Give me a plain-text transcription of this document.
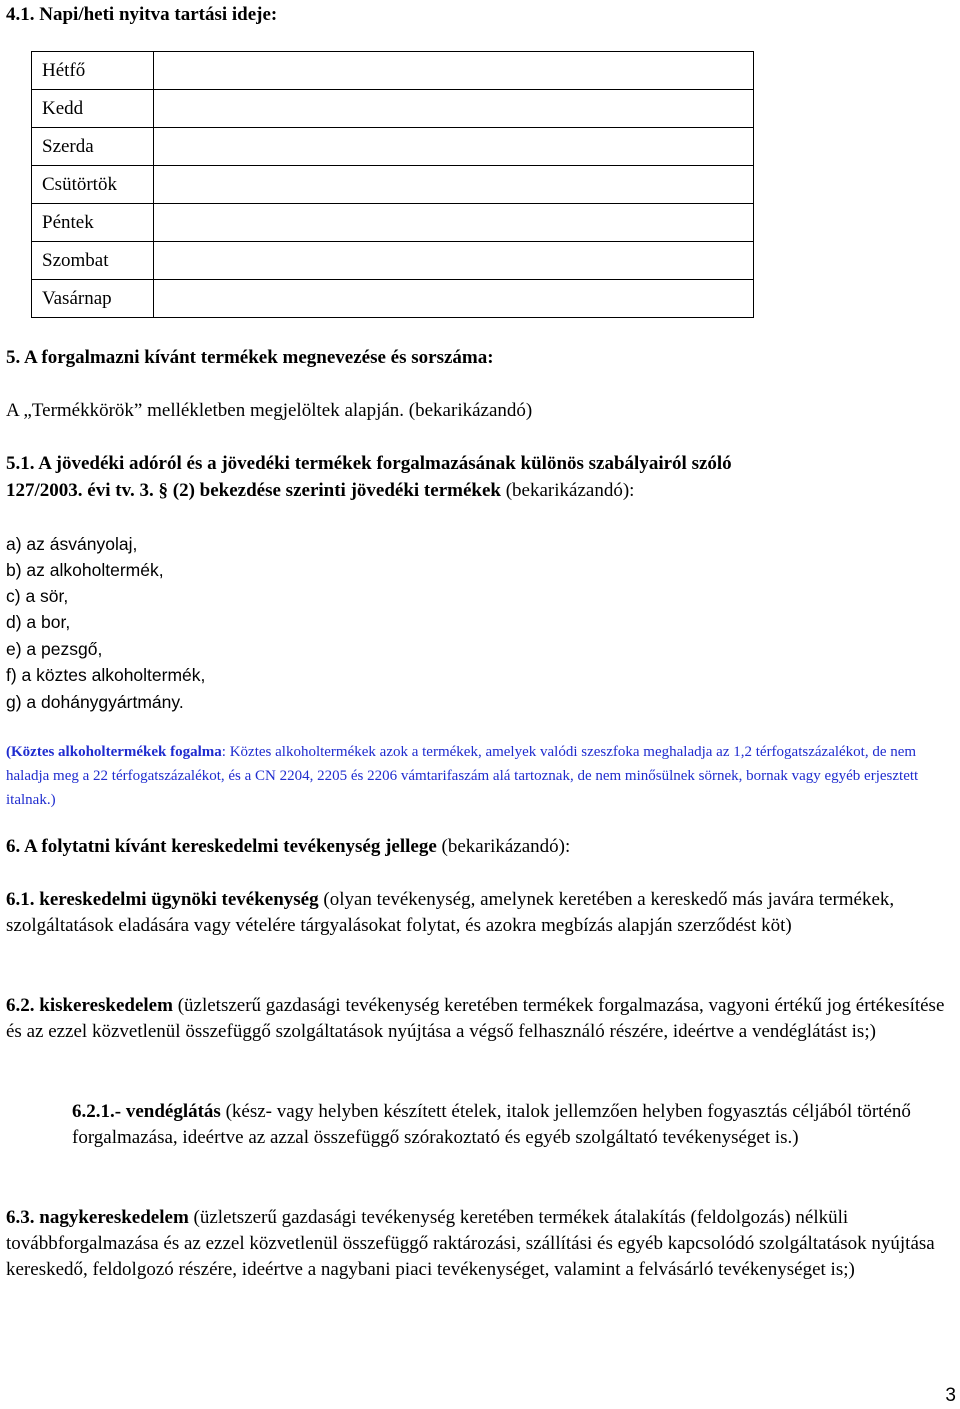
4.1. Napi/heti nyitva tartási ideje:
Hétfő	
Kedd	
Szerda	
Csütörtök	
Péntek	
Szombat	
Vasárnap	
5. A forgalmazni kívánt termékek megnevezése és sorszáma:
A „Termékkörök” mellékletben megjelöltek alapján. (bekarikázandó)
5.1. A jövedéki adóról és a jövedéki termékek forgalmazásának különös szabályairól szóló
127/2003. évi tv. 3. § (2) bekezdése szerinti jövedéki termékek (bekarikázandó):
a) az ásványolaj,
b) az alkoholtermék,
c) a sör,
d) a bor,
e) a pezsgő,
f) a köztes alkoholtermék,
g) a dohánygyártmány.
(Köztes alkoholtermékek fogalma: Köztes alkoholtermékek azok a termékek, amelyek valódi szeszfoka meghaladja az 1,2 térfogatszázalékot, de nem haladja meg a 22 térfogatszázalékot, és a CN 2204, 2205 és 2206 vámtarifaszám alá tartoznak, de nem minősülnek sörnek, bornak vagy egyéb erjesztett italnak.)
6. A folytatni kívánt kereskedelmi tevékenység jellege (bekarikázandó):
6.1. kereskedelmi ügynöki tevékenység (olyan tevékenység, amelynek keretében a kereskedő más javára termékek, szolgáltatások eladására vagy vételére tárgyalásokat folytat, és azokra megbízás alapján szerződést köt)
6.2. kiskereskedelem (üzletszerű gazdasági tevékenység keretében termékek forgalmazása, vagyoni értékű jog értékesítése és az ezzel közvetlenül összefüggő szolgáltatások nyújtása a végső felhasználó részére, ideértve a vendéglátást is;)
6.2.1.- vendéglátás (kész- vagy helyben készített ételek, italok jellemzően helyben fogyasztás céljából történő forgalmazása, ideértve az azzal összefüggő szórakoztató és egyéb szolgáltató tevékenységet is.)
6.3. nagykereskedelem (üzletszerű gazdasági tevékenység keretében termékek átalakítás (feldolgozás) nélküli továbbforgalmazása és az ezzel közvetlenül összefüggő raktározási, szállítási és egyéb kapcsolódó szolgáltatások nyújtása kereskedő, feldolgozó részére, ideértve a nagybani piaci tevékenységet, valamint a felvásárló tevékenységet is;)
3
